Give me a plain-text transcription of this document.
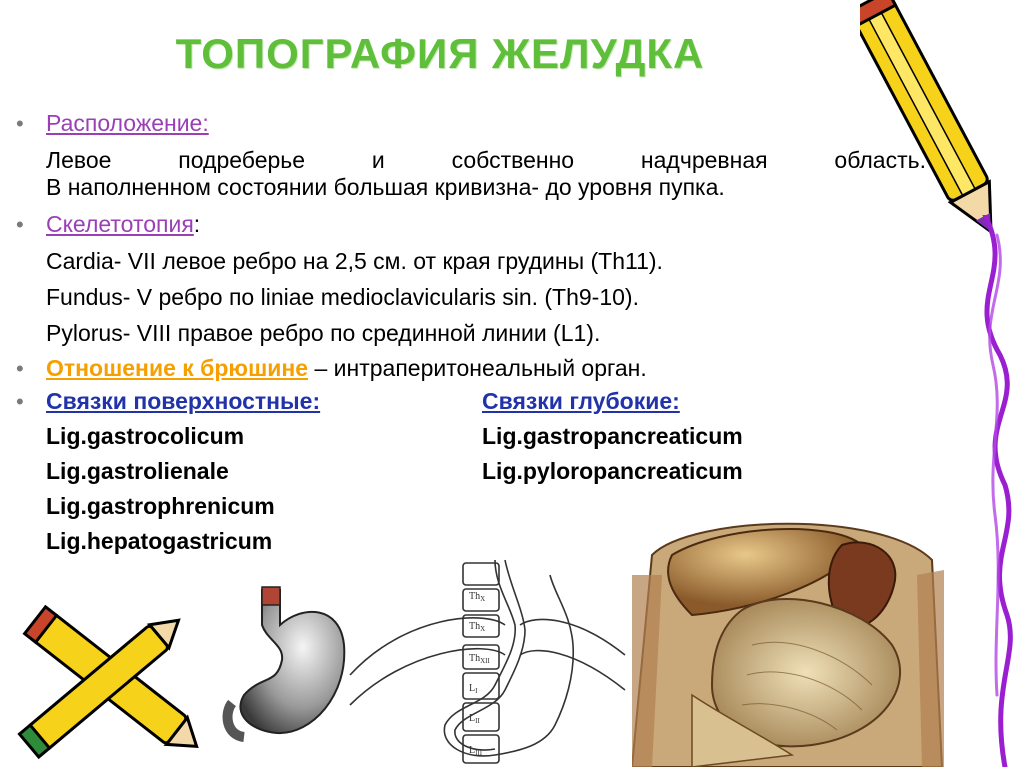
ТОПОГРАФИЯ ЖЕЛУДКА
• Расположение:
Левое подреберье и собственно надчревная область.
В наполненном состоянии большая кривизна- до уровня пупка.
• Скелетотопия:
Cardia- VII левое ребро на 2,5 см. от края грудины (Th11).
Fundus- V ребро по liniae medioclavicularis sin. (Th9-10).
Pylorus- VIII правое ребро по срединной линии (L1).
• Отношение к брюшине – интраперитонеальный орган.
• Связки поверхностные:	Связки глубокие:
Lig.gastrocolicum	Lig.gastropancreaticum
Lig.gastrolienale	Lig.pyloropancreaticum
Lig.gastrophrenicum
Lig.hepatogastricum
$Th_X$
$Th_X$
$Th_{XII}$
$L_I$
$L_{II}$
$L_{III}$
